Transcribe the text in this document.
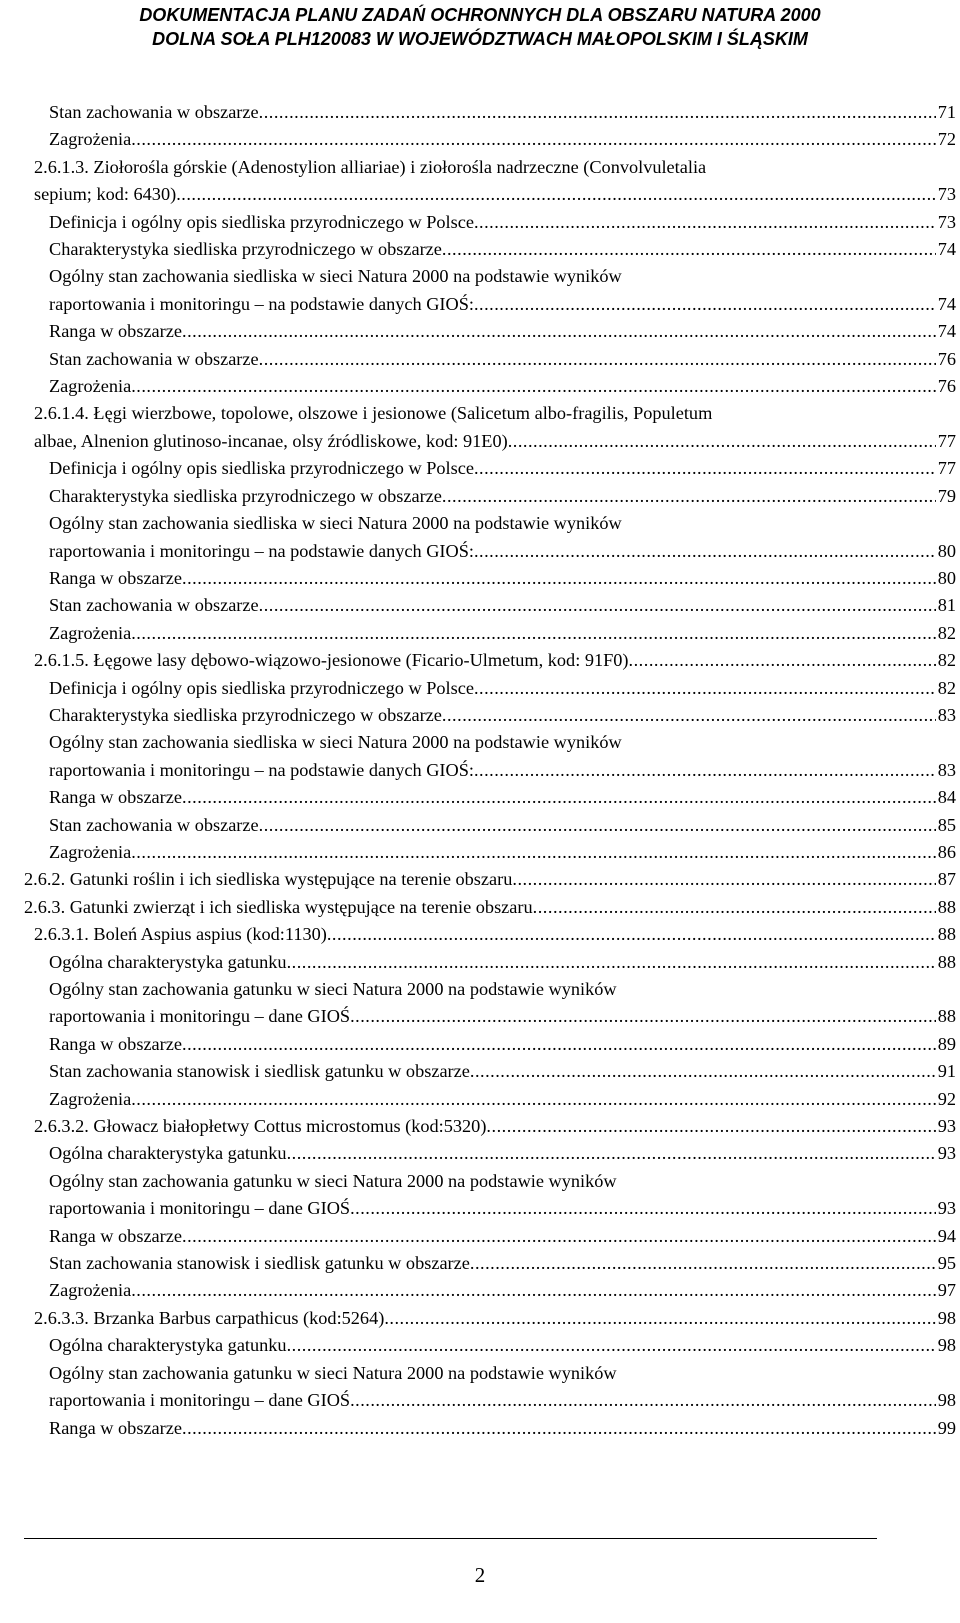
DOKUMENTACJA PLANU ZADAŃ OCHRONNYCH DLA OBSZARU NATURA 2000
DOLNA SOŁA PLH120083 W WOJEWÓDZTWACH MAŁOPOLSKIM I ŚLĄSKIM
Stan zachowania w obszarze .....	71
Zagrożenia .....	72
2.6.1.3. Ziołorośla górskie (Adenostylion alliariae) i ziołorośla nadrzeczne (Convolvuletalia
sepium; kod: 6430) .....	73
Definicja i ogólny opis siedliska przyrodniczego w Polsce .....	73
Charakterystyka siedliska przyrodniczego w obszarze .....	74
Ogólny stan zachowania siedliska w sieci Natura 2000 na podstawie wyników
raportowania i monitoringu – na podstawie danych GIOŚ: .....	74
Ranga w obszarze .....	74
Stan zachowania w obszarze .....	76
Zagrożenia .....	76
2.6.1.4. Łęgi wierzbowe, topolowe, olszowe i jesionowe (Salicetum albo-fragilis, Populetum
albae, Alnenion glutinoso-incanae, olsy źródliskowe, kod: 91E0) .....	77
Definicja i ogólny opis siedliska przyrodniczego w Polsce .....	77
Charakterystyka siedliska przyrodniczego w obszarze .....	79
Ogólny stan zachowania siedliska w sieci Natura 2000 na podstawie wyników
raportowania i monitoringu – na podstawie danych GIOŚ: .....	80
Ranga w obszarze .....	80
Stan zachowania w obszarze .....	81
Zagrożenia .....	82
2.6.1.5. Łęgowe lasy dębowo-wiązowo-jesionowe (Ficario-Ulmetum, kod: 91F0) .....	82
Definicja i ogólny opis siedliska przyrodniczego w Polsce .....	82
Charakterystyka siedliska przyrodniczego w obszarze .....	83
Ogólny stan zachowania siedliska w sieci Natura 2000 na podstawie wyników
raportowania i monitoringu – na podstawie danych GIOŚ: .....	83
Ranga w obszarze .....	84
Stan zachowania w obszarze .....	85
Zagrożenia .....	86
2.6.2. Gatunki roślin i ich siedliska występujące na terenie obszaru .....	87
2.6.3. Gatunki zwierząt i ich siedliska występujące na terenie obszaru .....	88
2.6.3.1. Boleń Aspius aspius (kod:1130) .....	88
Ogólna charakterystyka gatunku .....	88
Ogólny stan zachowania gatunku w sieci Natura 2000 na podstawie wyników
raportowania i monitoringu – dane GIOŚ .....	88
Ranga w obszarze .....	89
Stan zachowania stanowisk i siedlisk gatunku w obszarze .....	91
Zagrożenia .....	92
2.6.3.2. Głowacz białopłetwy Cottus microstomus (kod:5320) .....	93
Ogólna charakterystyka gatunku .....	93
Ogólny stan zachowania gatunku w sieci Natura 2000 na podstawie wyników
raportowania i monitoringu – dane GIOŚ .....	93
Ranga w obszarze .....	94
Stan zachowania stanowisk i siedlisk gatunku w obszarze .....	95
Zagrożenia .....	97
2.6.3.3. Brzanka Barbus carpathicus (kod:5264) .....	98
Ogólna charakterystyka gatunku .....	98
Ogólny stan zachowania gatunku w sieci Natura 2000 na podstawie wyników
raportowania i monitoringu – dane GIOŚ .....	98
Ranga w obszarze .....	99
2
